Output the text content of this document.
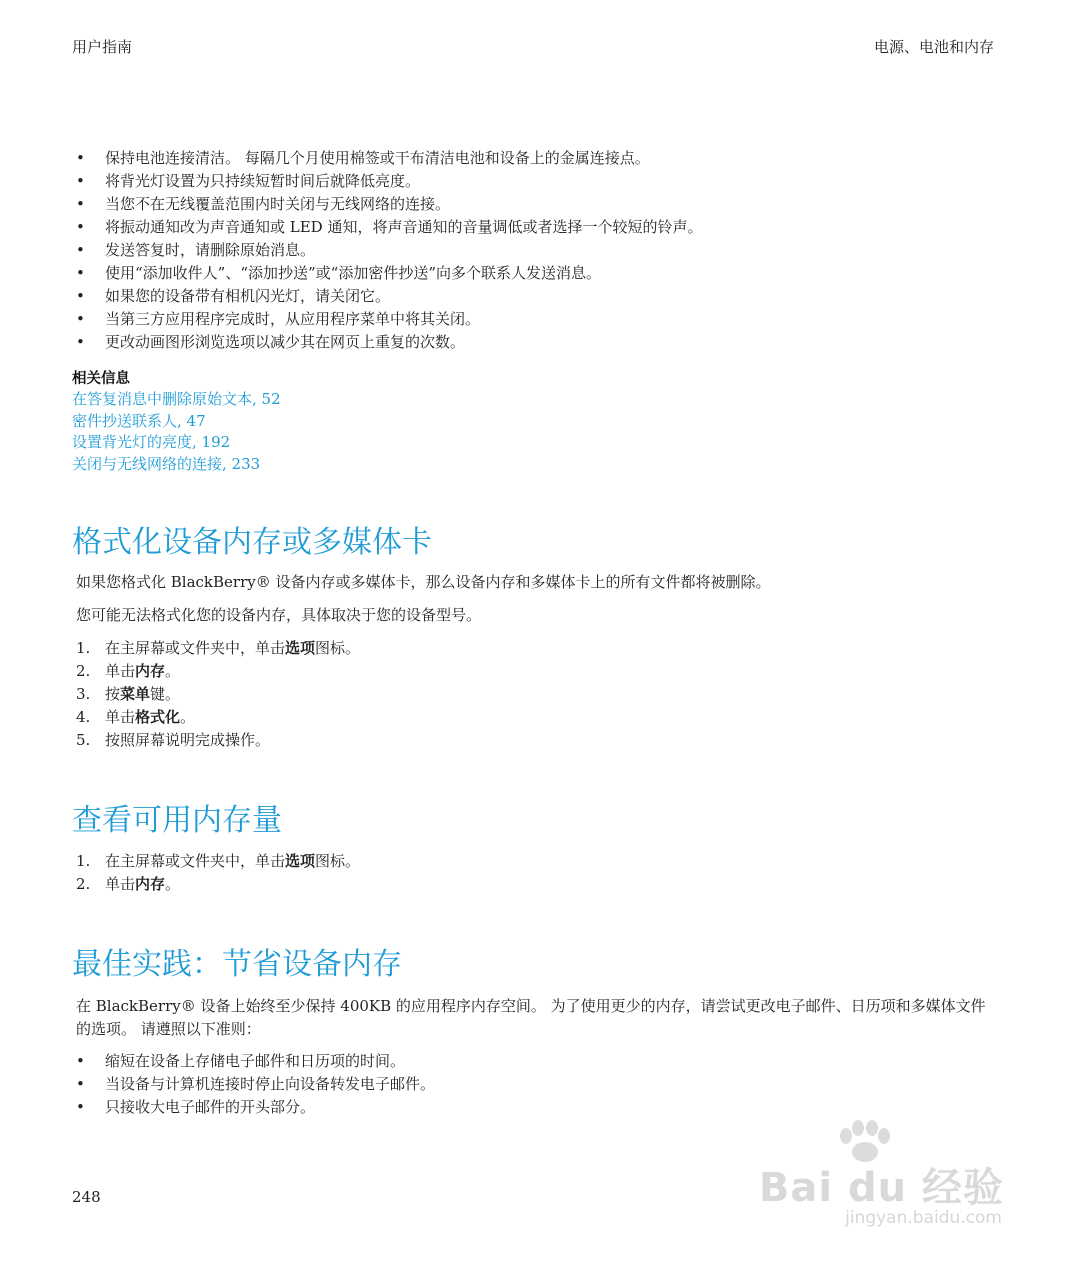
用户指南	电源、电池和内存
• 保持电池连接清洁。 每隔几个月使用棉签或干布清洁电池和设备上的金属连接点。
• 将背光灯设置为只持续短暂时间后就降低亮度。
• 当您不在无线覆盖范围内时关闭与无线网络的连接。
• 将振动通知改为声音通知或 LED 通知，将声音通知的音量调低或者选择一个较短的铃声。
• 发送答复时，请删除原始消息。
• 使用“添加收件人”、“添加抄送”或“添加密件抄送”向多个联系人发送消息。
• 如果您的设备带有相机闪光灯，请关闭它。
• 当第三方应用程序完成时，从应用程序菜单中将其关闭。
• 更改动画图形浏览选项以减少其在网页上重复的次数。
相关信息
在答复消息中删除原始文本, 52
密件抄送联系人, 47
设置背光灯的亮度, 192
关闭与无线网络的连接, 233
格式化设备内存或多媒体卡

如果您格式化 BlackBerry® 设备内存或多媒体卡，那么设备内存和多媒体卡上的所有文件都将被删除。

您可能无法格式化您的设备内存，具体取决于您的设备型号。

1. 在主屏幕或文件夹中，单击选项图标。
2. 单击内存。
3. 按菜单键。
4. 单击格式化。
5. 按照屏幕说明完成操作。
查看可用内存量
1. 在主屏幕或文件夹中，单击选项图标。
2. 单击内存。
最佳实践：节省设备内存

在 BlackBerry® 设备上始终至少保持 400KB 的应用程序内存空间。 为了使用更少的内存，请尝试更改电子邮件、日历项和多媒体文件的选项。 请遵照以下准则：

• 缩短在设备上存储电子邮件和日历项的时间。
• 当设备与计算机连接时停止向设备转发电子邮件。
• 只接收大电子邮件的开头部分。
248	Bai du 经验
jingyan.baidu.com
